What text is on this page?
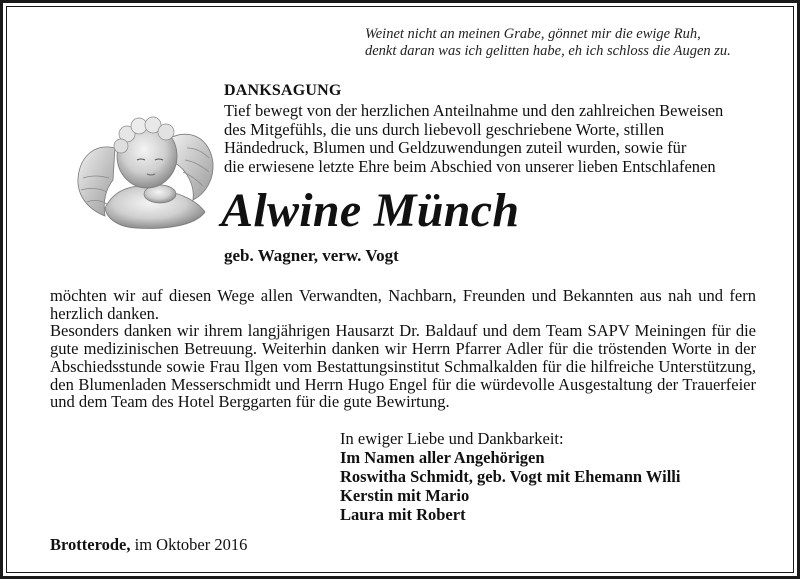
Weinet nicht an meinen Grabe, gönnet mir die ewige Ruh,
denkt daran was ich gelitten habe, eh ich schloss die Augen zu.
DANKSAGUNG
Tief bewegt von der herzlichen Anteilnahme und den zahlreichen Beweisen
des Mitgefühls, die uns durch liebevoll geschriebene Worte, stillen
Händedruck, Blumen und Geldzuwendungen zuteil wurden, sowie für
die erwiesene letzte Ehre beim Abschied von unserer lieben Entschlafenen
Alwine Münch
geb. Wagner, verw. Vogt

möchten wir auf diesen Wege allen Verwandten, Nachbarn, Freunden und Bekannten aus nah und fern herzlich danken.

Besonders danken wir ihrem langjährigen Hausarzt Dr. Baldauf und dem Team SAPV Meiningen für die gute medizinischen Betreuung. Weiterhin danken wir Herrn Pfarrer Adler für die tröstenden Worte in der Abschiedsstunde sowie Frau Ilgen vom Bestattungsinstitut Schmalkalden für die hilfreiche Unterstützung, den Blumenladen Messerschmidt und Herrn Hugo Engel für die würdevolle Ausgestaltung der Trauerfeier und dem Team des Hotel Berggarten für die gute Bewirtung.

In ewiger Liebe und Dankbarkeit:
Im Namen aller Angehörigen
Roswitha Schmidt, geb. Vogt mit Ehemann Willi
Kerstin mit Mario
Laura mit Robert
Brotterode, im Oktober 2016
